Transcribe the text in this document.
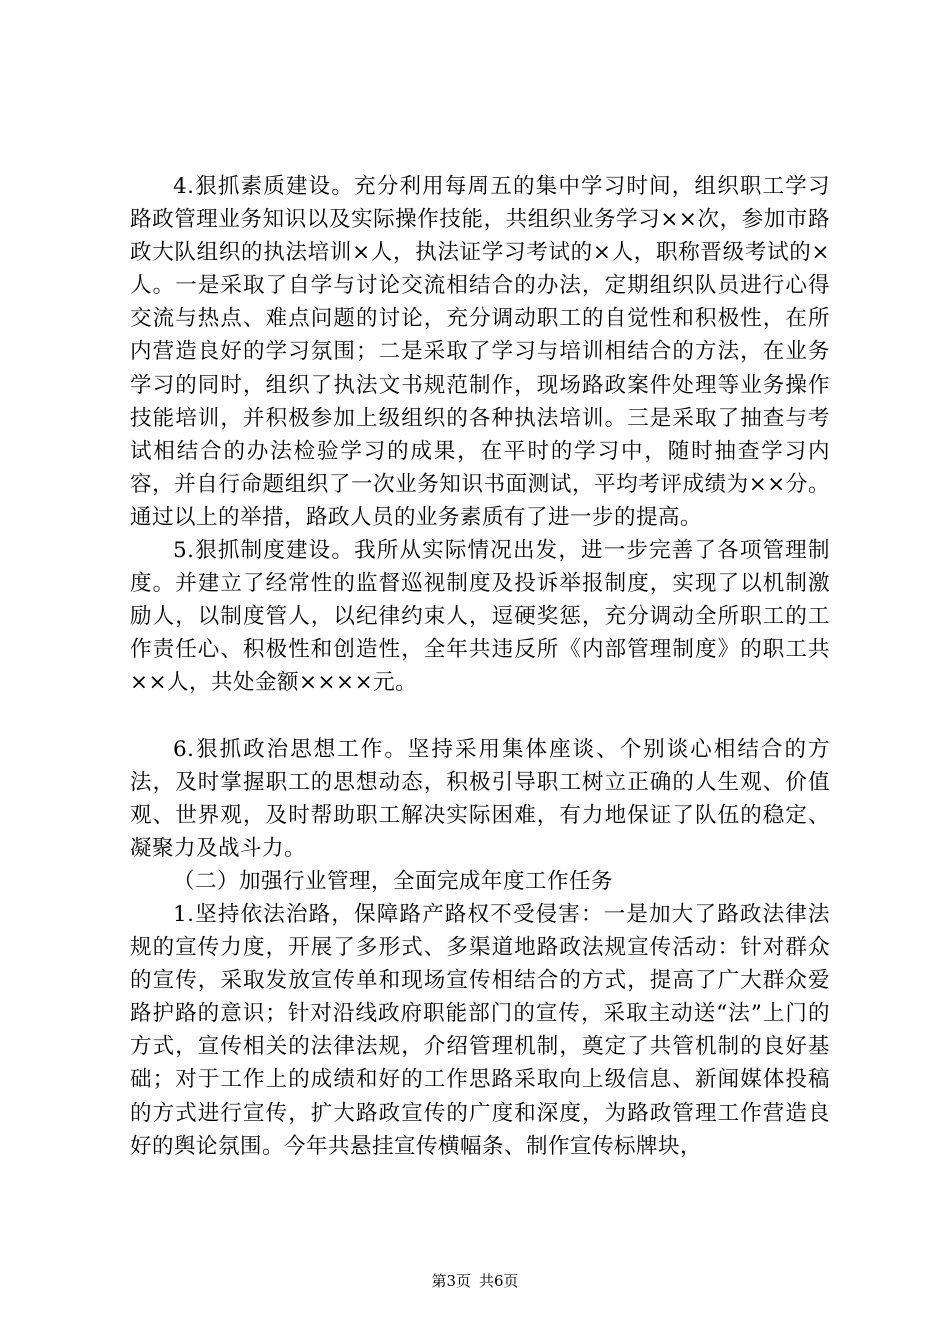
4.狠抓素质建设。充分利用每周五的集中学习时间，组织职工学习路政管理业务知识以及实际操作技能，共组织业务学习××次，参加市路政大队组织的执法培训×人，执法证学习考试的×人，职称晋级考试的×人。一是采取了自学与讨论交流相结合的办法，定期组织队员进行心得交流与热点、难点问题的讨论，充分调动职工的自觉性和积极性，在所内营造良好的学习氛围；二是采取了学习与培训相结合的方法，在业务学习的同时，组织了执法文书规范制作，现场路政案件处理等业务操作技能培训，并积极参加上级组织的各种执法培训。三是采取了抽查与考试相结合的办法检验学习的成果，在平时的学习中，随时抽查学习内容，并自行命题组织了一次业务知识书面测试，平均考评成绩为××分。通过以上的举措，路政人员的业务素质有了进一步的提高。

5.狠抓制度建设。我所从实际情况出发，进一步完善了各项管理制度。并建立了经常性的监督巡视制度及投诉举报制度，实现了以机制激励人，以制度管人，以纪律约束人，逗硬奖惩，充分调动全所职工的工作责任心、积极性和创造性，全年共违反所《内部管理制度》的职工共××人，共处金额××××元。

6.狠抓政治思想工作。坚持采用集体座谈、个别谈心相结合的方法，及时掌握职工的思想动态，积极引导职工树立正确的人生观、价值观、世界观，及时帮助职工解决实际困难，有力地保证了队伍的稳定、凝聚力及战斗力。

（二）加强行业管理，全面完成年度工作任务

1.坚持依法治路，保障路产路权不受侵害：一是加大了路政法律法规的宣传力度，开展了多形式、多渠道地路政法规宣传活动：针对群众的宣传，采取发放宣传单和现场宣传相结合的方式，提高了广大群众爱路护路的意识；针对沿线政府职能部门的宣传，采取主动送“法”上门的方式，宣传相关的法律法规，介绍管理机制，奠定了共管机制的良好基础；对于工作上的成绩和好的工作思路采取向上级信息、新闻媒体投稿的方式进行宣传，扩大路政宣传的广度和深度，为路政管理工作营造良好的舆论氛围。今年共悬挂宣传横幅条、制作宣传标牌块，

第3页 共6页
